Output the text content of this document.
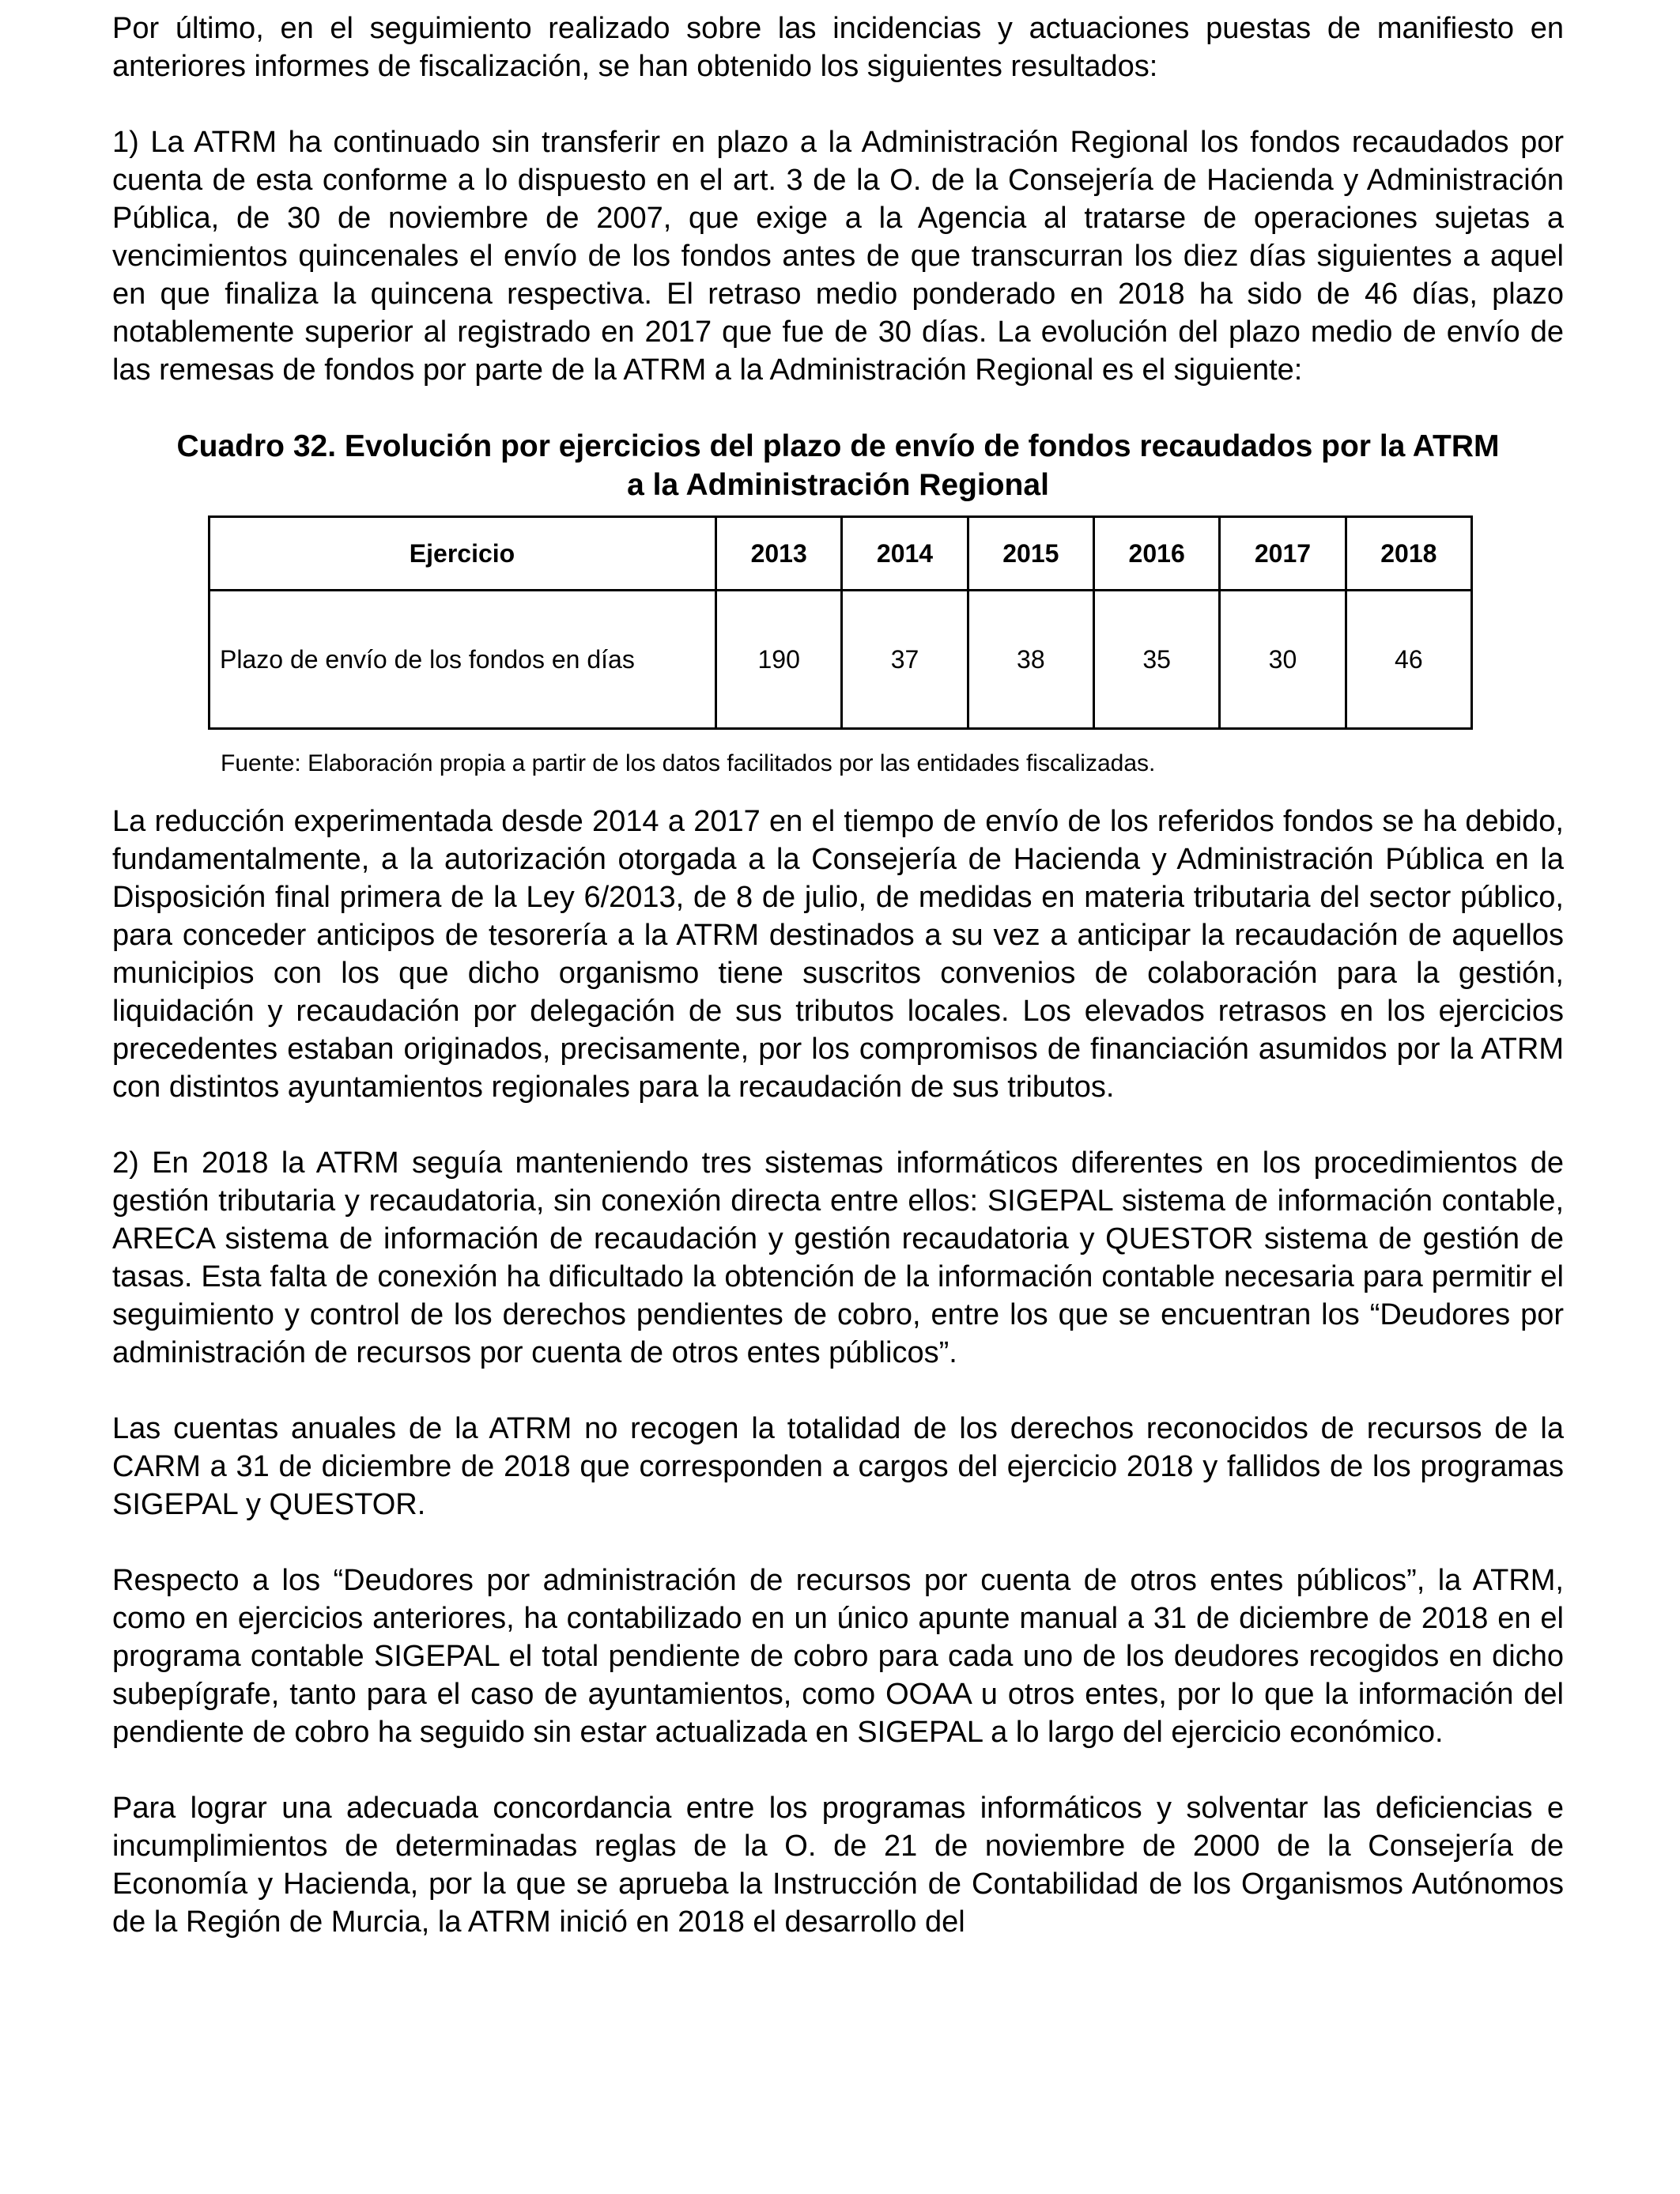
Por último, en el seguimiento realizado sobre las incidencias y actuaciones puestas de manifiesto en anteriores informes de fiscalización, se han obtenido los siguientes resultados:

1) La ATRM ha continuado sin transferir en plazo a la Administración Regional los fondos recaudados por cuenta de esta conforme a lo dispuesto en el art. 3 de la O. de la Consejería de Hacienda y Administración Pública, de 30 de noviembre de 2007, que exige a la Agencia al tratarse de operaciones sujetas a vencimientos quincenales el envío de los fondos antes de que transcurran los diez días siguientes a aquel en que finaliza la quincena respectiva. El retraso medio ponderado en 2018 ha sido de 46 días, plazo notablemente superior al registrado en 2017 que fue de 30 días. La evolución del plazo medio de envío de las remesas de fondos por parte de la ATRM a la Administración Regional es el siguiente:

Cuadro 32. Evolución por ejercicios del plazo de envío de fondos recaudados por la ATRM
a la Administración Regional
Ejercicio	2013	2014	2015	2016	2017	2018
Plazo de envío de los fondos en días	190	37	38	35	30	46
Fuente: Elaboración propia a partir de los datos facilitados por las entidades fiscalizadas.

La reducción experimentada desde 2014 a 2017 en el tiempo de envío de los referidos fondos se ha debido, fundamentalmente, a la autorización otorgada a la Consejería de Hacienda y Administración Pública en la Disposición final primera de la Ley 6/2013, de 8 de julio, de medidas en materia tributaria del sector público, para conceder anticipos de tesorería a la ATRM destinados a su vez a anticipar la recaudación de aquellos municipios con los que dicho organismo tiene suscritos convenios de colaboración para la gestión, liquidación y recaudación por delegación de sus tributos locales. Los elevados retrasos en los ejercicios precedentes estaban originados, precisamente, por los compromisos de financiación asumidos por la ATRM con distintos ayuntamientos regionales para la recaudación de sus tributos.

2) En 2018 la ATRM seguía manteniendo tres sistemas informáticos diferentes en los procedimientos de gestión tributaria y recaudatoria, sin conexión directa entre ellos: SIGEPAL sistema de información contable, ARECA sistema de información de recaudación y gestión recaudatoria y QUESTOR sistema de gestión de tasas. Esta falta de conexión ha dificultado la obtención de la información contable necesaria para permitir el seguimiento y control de los derechos pendientes de cobro, entre los que se encuentran los “Deudores por administración de recursos por cuenta de otros entes públicos”.

Las cuentas anuales de la ATRM no recogen la totalidad de los derechos reconocidos de recursos de la CARM a 31 de diciembre de 2018 que corresponden a cargos del ejercicio 2018 y fallidos de los programas SIGEPAL y QUESTOR.

Respecto a los “Deudores por administración de recursos por cuenta de otros entes públicos”, la ATRM, como en ejercicios anteriores, ha contabilizado en un único apunte manual a 31 de diciembre de 2018 en el programa contable SIGEPAL el total pendiente de cobro para cada uno de los deudores recogidos en dicho subepígrafe, tanto para el caso de ayuntamientos, como OOAA u otros entes, por lo que la información del pendiente de cobro ha seguido sin estar actualizada en SIGEPAL a lo largo del ejercicio económico.

Para lograr una adecuada concordancia entre los programas informáticos y solventar las deficiencias e incumplimientos de determinadas reglas de la O. de 21 de noviembre de 2000 de la Consejería de Economía y Hacienda, por la que se aprueba la Instrucción de Contabilidad de los Organismos Autónomos de la Región de Murcia, la ATRM inició en 2018 el desarrollo del
